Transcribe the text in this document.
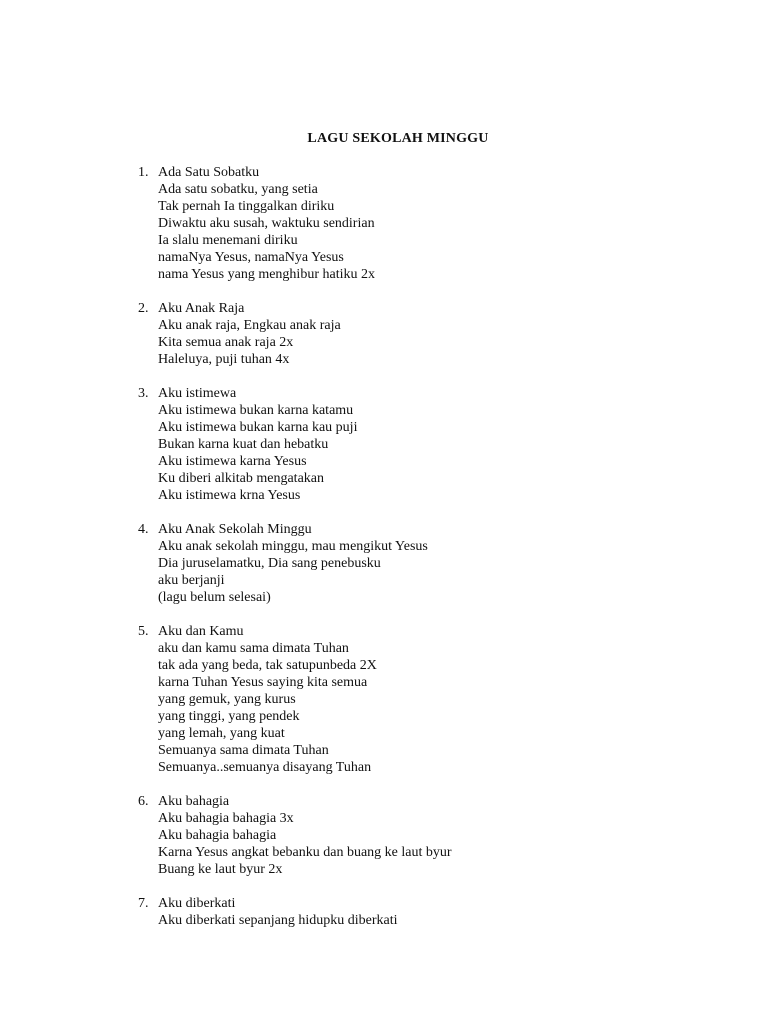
LAGU SEKOLAH MINGGU
1. Ada Satu Sobatku
Ada satu sobatku, yang setia
Tak pernah Ia tinggalkan diriku
Diwaktu aku susah, waktuku sendirian
Ia slalu menemani diriku
namaNya Yesus, namaNya Yesus
nama Yesus yang menghibur hatiku 2x
2. Aku Anak Raja
Aku anak raja, Engkau anak raja
Kita semua anak raja 2x
Haleluya, puji tuhan 4x
3. Aku istimewa
Aku istimewa bukan karna katamu
Aku istimewa bukan karna kau puji
Bukan karna kuat dan hebatku
Aku istimewa karna Yesus
Ku diberi alkitab mengatakan
Aku istimewa krna Yesus
4. Aku Anak Sekolah Minggu
Aku anak sekolah minggu, mau mengikut Yesus
Dia juruselamatku, Dia sang penebusku
aku berjanji
(lagu belum selesai)
5. Aku dan Kamu
aku dan kamu sama dimata Tuhan
tak ada yang beda, tak satupunbeda 2X
karna Tuhan Yesus saying kita semua
yang gemuk, yang kurus
yang tinggi, yang pendek
yang lemah, yang kuat
Semuanya sama dimata Tuhan
Semuanya..semuanya disayang Tuhan
6. Aku bahagia
Aku bahagia bahagia 3x
Aku bahagia bahagia
Karna Yesus angkat bebanku dan buang ke laut byur
Buang ke laut byur 2x
7. Aku diberkati
Aku diberkati sepanjang hidupku diberkati
